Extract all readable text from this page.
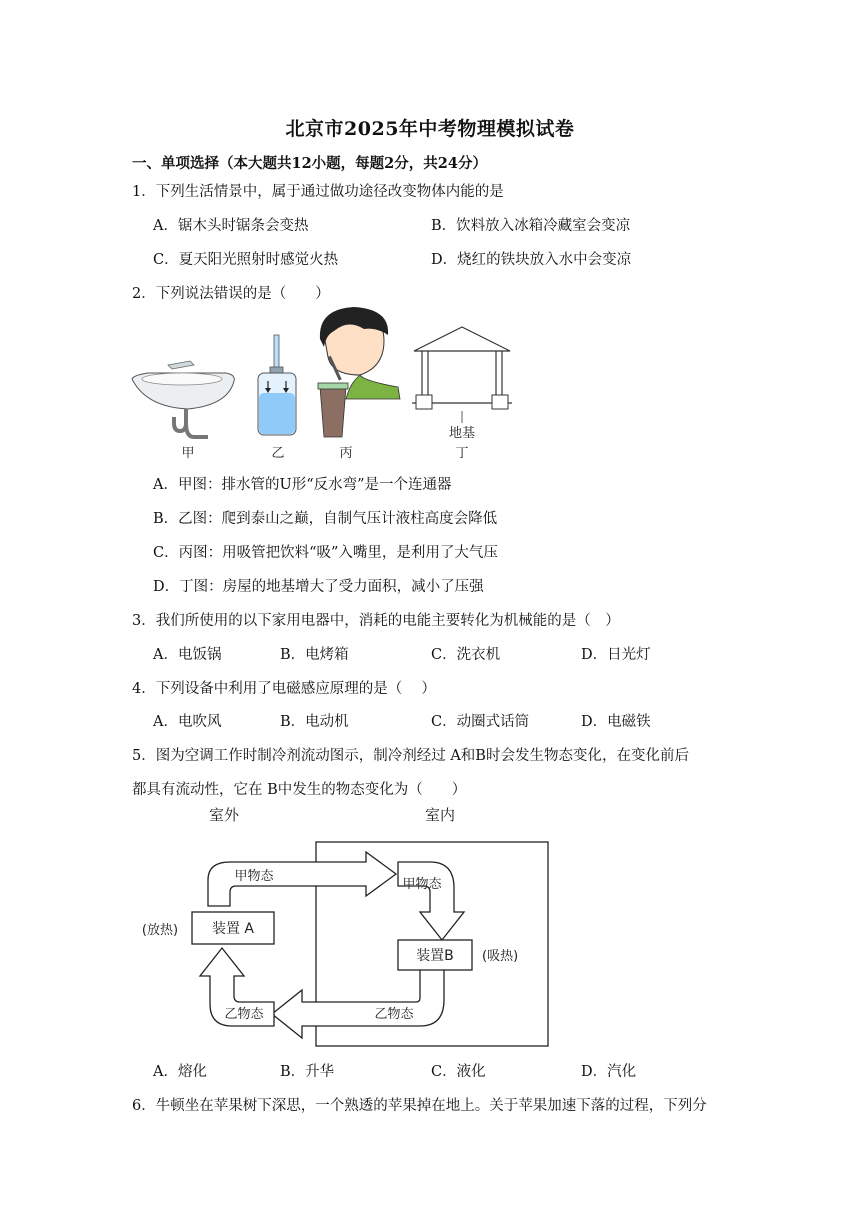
北京市2025年中考物理模拟试卷
一、单项选择（本大题共12小题，每题2分，共24分）
1．下列生活情景中，属于通过做功途径改变物体内能的是
A．锯木头时锯条会变热	B．饮料放入冰箱冷藏室会变凉
C．夏天阳光照射时感觉火热	D．烧红的铁块放入水中会变凉
2．下列说法错误的是（　　）
地基
甲	乙	丙	丁
A．甲图：排水管的U形“反水弯”是一个连通器
B．乙图：爬到泰山之巅，自制气压计液柱高度会降低
C．丙图：用吸管把饮料“吸”入嘴里，是利用了大气压
D．丁图：房屋的地基增大了受力面积，减小了压强
3．我们所使用的以下家用电器中，消耗的电能主要转化为机械能的是（　）
A．电饭锅	B．电烤箱	C．洗衣机	D．日光灯
4．下列设备中利用了电磁感应原理的是（　 ）
A．电吹风	B．电动机	C．动圈式话筒	D．电磁铁
5．图为空调工作时制冷剂流动图示，制冷剂经过 A和B时会发生物态变化，在变化前后
都具有流动性，它在 B中发生的物态变化为（　　）
室外	室内
装置 A
(放热)
装置B (吸热)
甲物态
甲物态
乙物态
乙物态
A．熔化	B．升华	C．液化	D．汽化
6．牛顿坐在苹果树下深思，一个熟透的苹果掉在地上。关于苹果加速下落的过程，下列分
